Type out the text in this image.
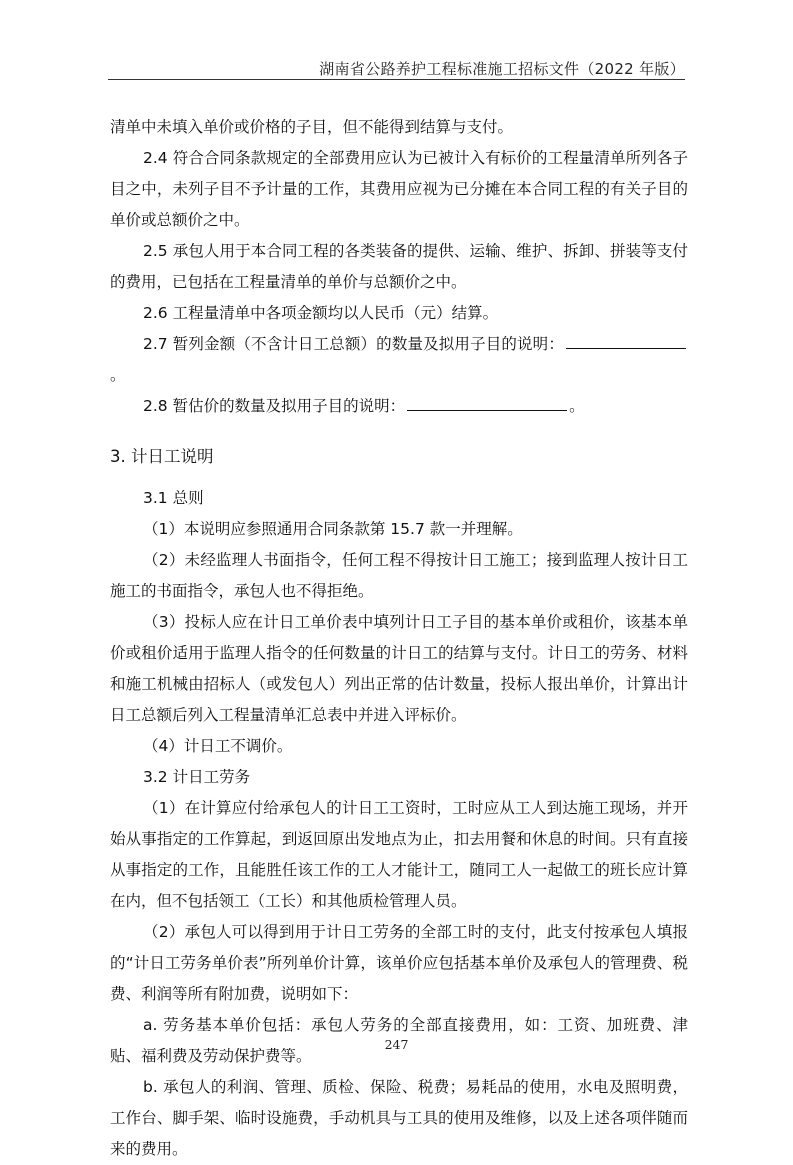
湖南省公路养护工程标准施工招标文件（2022 年版）

清单中未填入单价或价格的子目，但不能得到结算与支付。

2.4 符合合同条款规定的全部费用应认为已被计入有标价的工程量清单所列各子目之中，未列子目不予计量的工作，其费用应视为已分摊在本合同工程的有关子目的单价或总额价之中。

2.5 承包人用于本合同工程的各类装备的提供、运输、维护、拆卸、拼装等支付的费用，已包括在工程量清单的单价与总额价之中。

2.6 工程量清单中各项金额均以人民币（元）结算。

2.7 暂列金额（不含计日工总额）的数量及拟用子目的说明：。

2.8 暂估价的数量及拟用子目的说明：	。

3. 计日工说明

3.1 总则

（1）本说明应参照通用合同条款第 15.7 款一并理解。

（2）未经监理人书面指令，任何工程不得按计日工施工；接到监理人按计日工施工的书面指令，承包人也不得拒绝。

（3）投标人应在计日工单价表中填列计日工子目的基本单价或租价，该基本单价或租价适用于监理人指令的任何数量的计日工的结算与支付。计日工的劳务、材料和施工机械由招标人（或发包人）列出正常的估计数量，投标人报出单价，计算出计日工总额后列入工程量清单汇总表中并进入评标价。

（4）计日工不调价。

3.2 计日工劳务

（1）在计算应付给承包人的计日工工资时，工时应从工人到达施工现场，并开始从事指定的工作算起，到返回原出发地点为止，扣去用餐和休息的时间。只有直接从事指定的工作，且能胜任该工作的工人才能计工，随同工人一起做工的班长应计算在内，但不包括领工（工长）和其他质检管理人员。

（2）承包人可以得到用于计日工劳务的全部工时的支付，此支付按承包人填报的“计日工劳务单价表”所列单价计算，该单价应包括基本单价及承包人的管理费、税费、利润等所有附加费，说明如下：

a. 劳务基本单价包括：承包人劳务的全部直接费用，如：工资、加班费、津贴、福利费及劳动保护费等。

b. 承包人的利润、管理、质检、保险、税费；易耗品的使用，水电及照明费，工作台、脚手架、临时设施费，手动机具与工具的使用及维修，以及上述各项伴随而来的费用。

247
